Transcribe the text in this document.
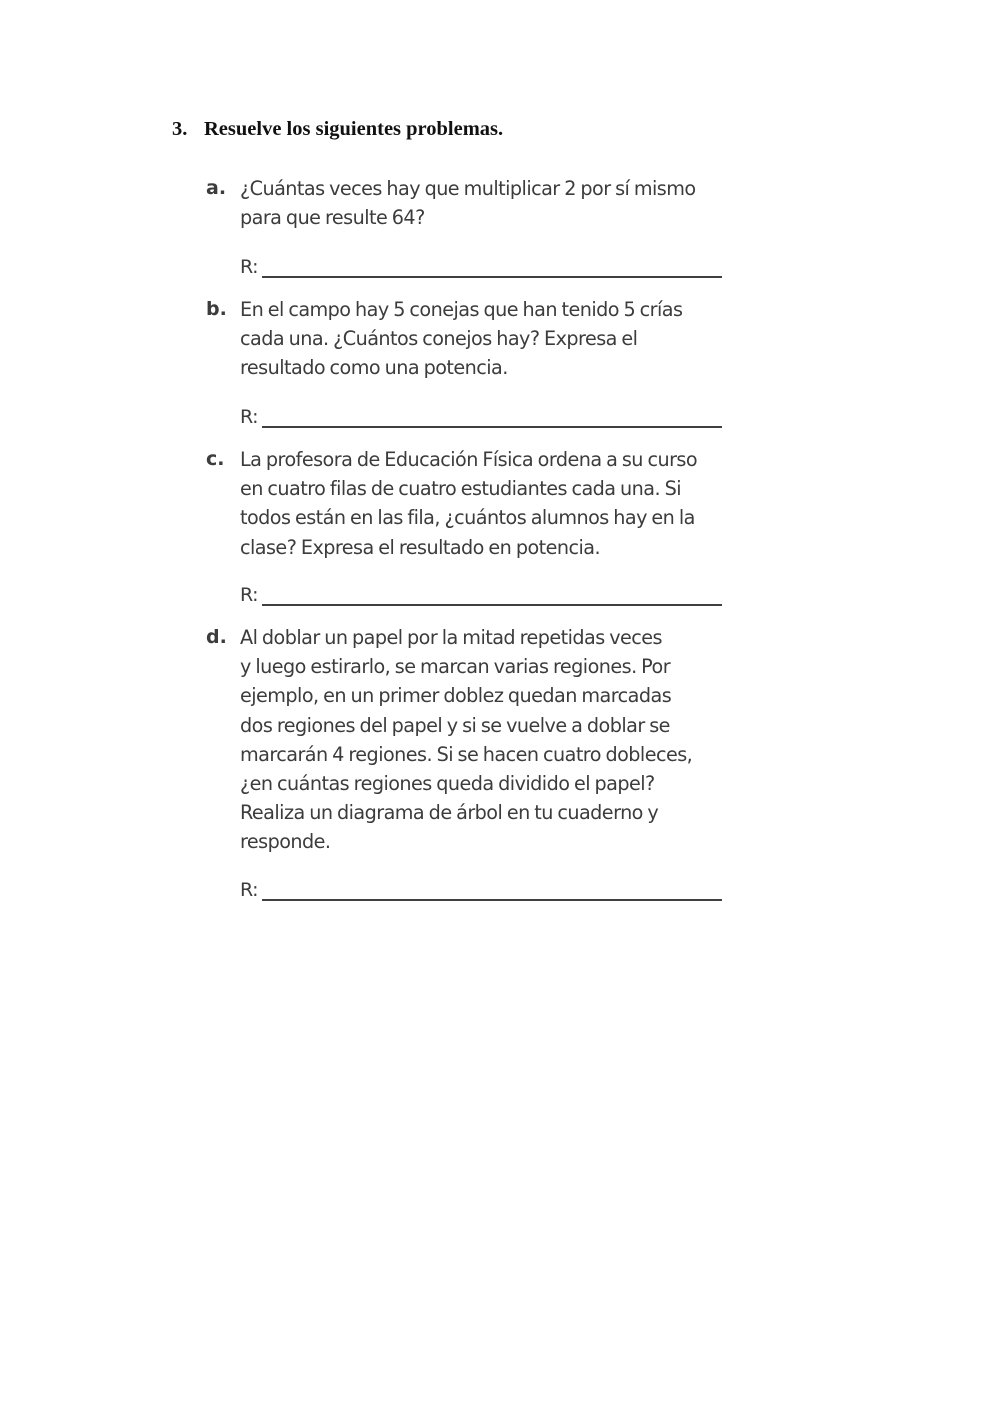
3. Resuelve los siguientes problemas.
a. ¿Cuántas veces hay que multiplicar 2 por sí mismo
para que resulte 64?
R:
b. En el campo hay 5 conejas que han tenido 5 crías
cada una. ¿Cuántos conejos hay? Expresa el
resultado como una potencia.
R:
c. La profesora de Educación Física ordena a su curso
en cuatro filas de cuatro estudiantes cada una. Si
todos están en las fila, ¿cuántos alumnos hay en la
clase? Expresa el resultado en potencia.
R:
d. Al doblar un papel por la mitad repetidas veces
y luego estirarlo, se marcan varias regiones. Por
ejemplo, en un primer doblez quedan marcadas
dos regiones del papel y si se vuelve a doblar se
marcarán 4 regiones. Si se hacen cuatro dobleces,
¿en cuántas regiones queda dividido el papel?
Realiza un diagrama de árbol en tu cuaderno y
responde.
R:
